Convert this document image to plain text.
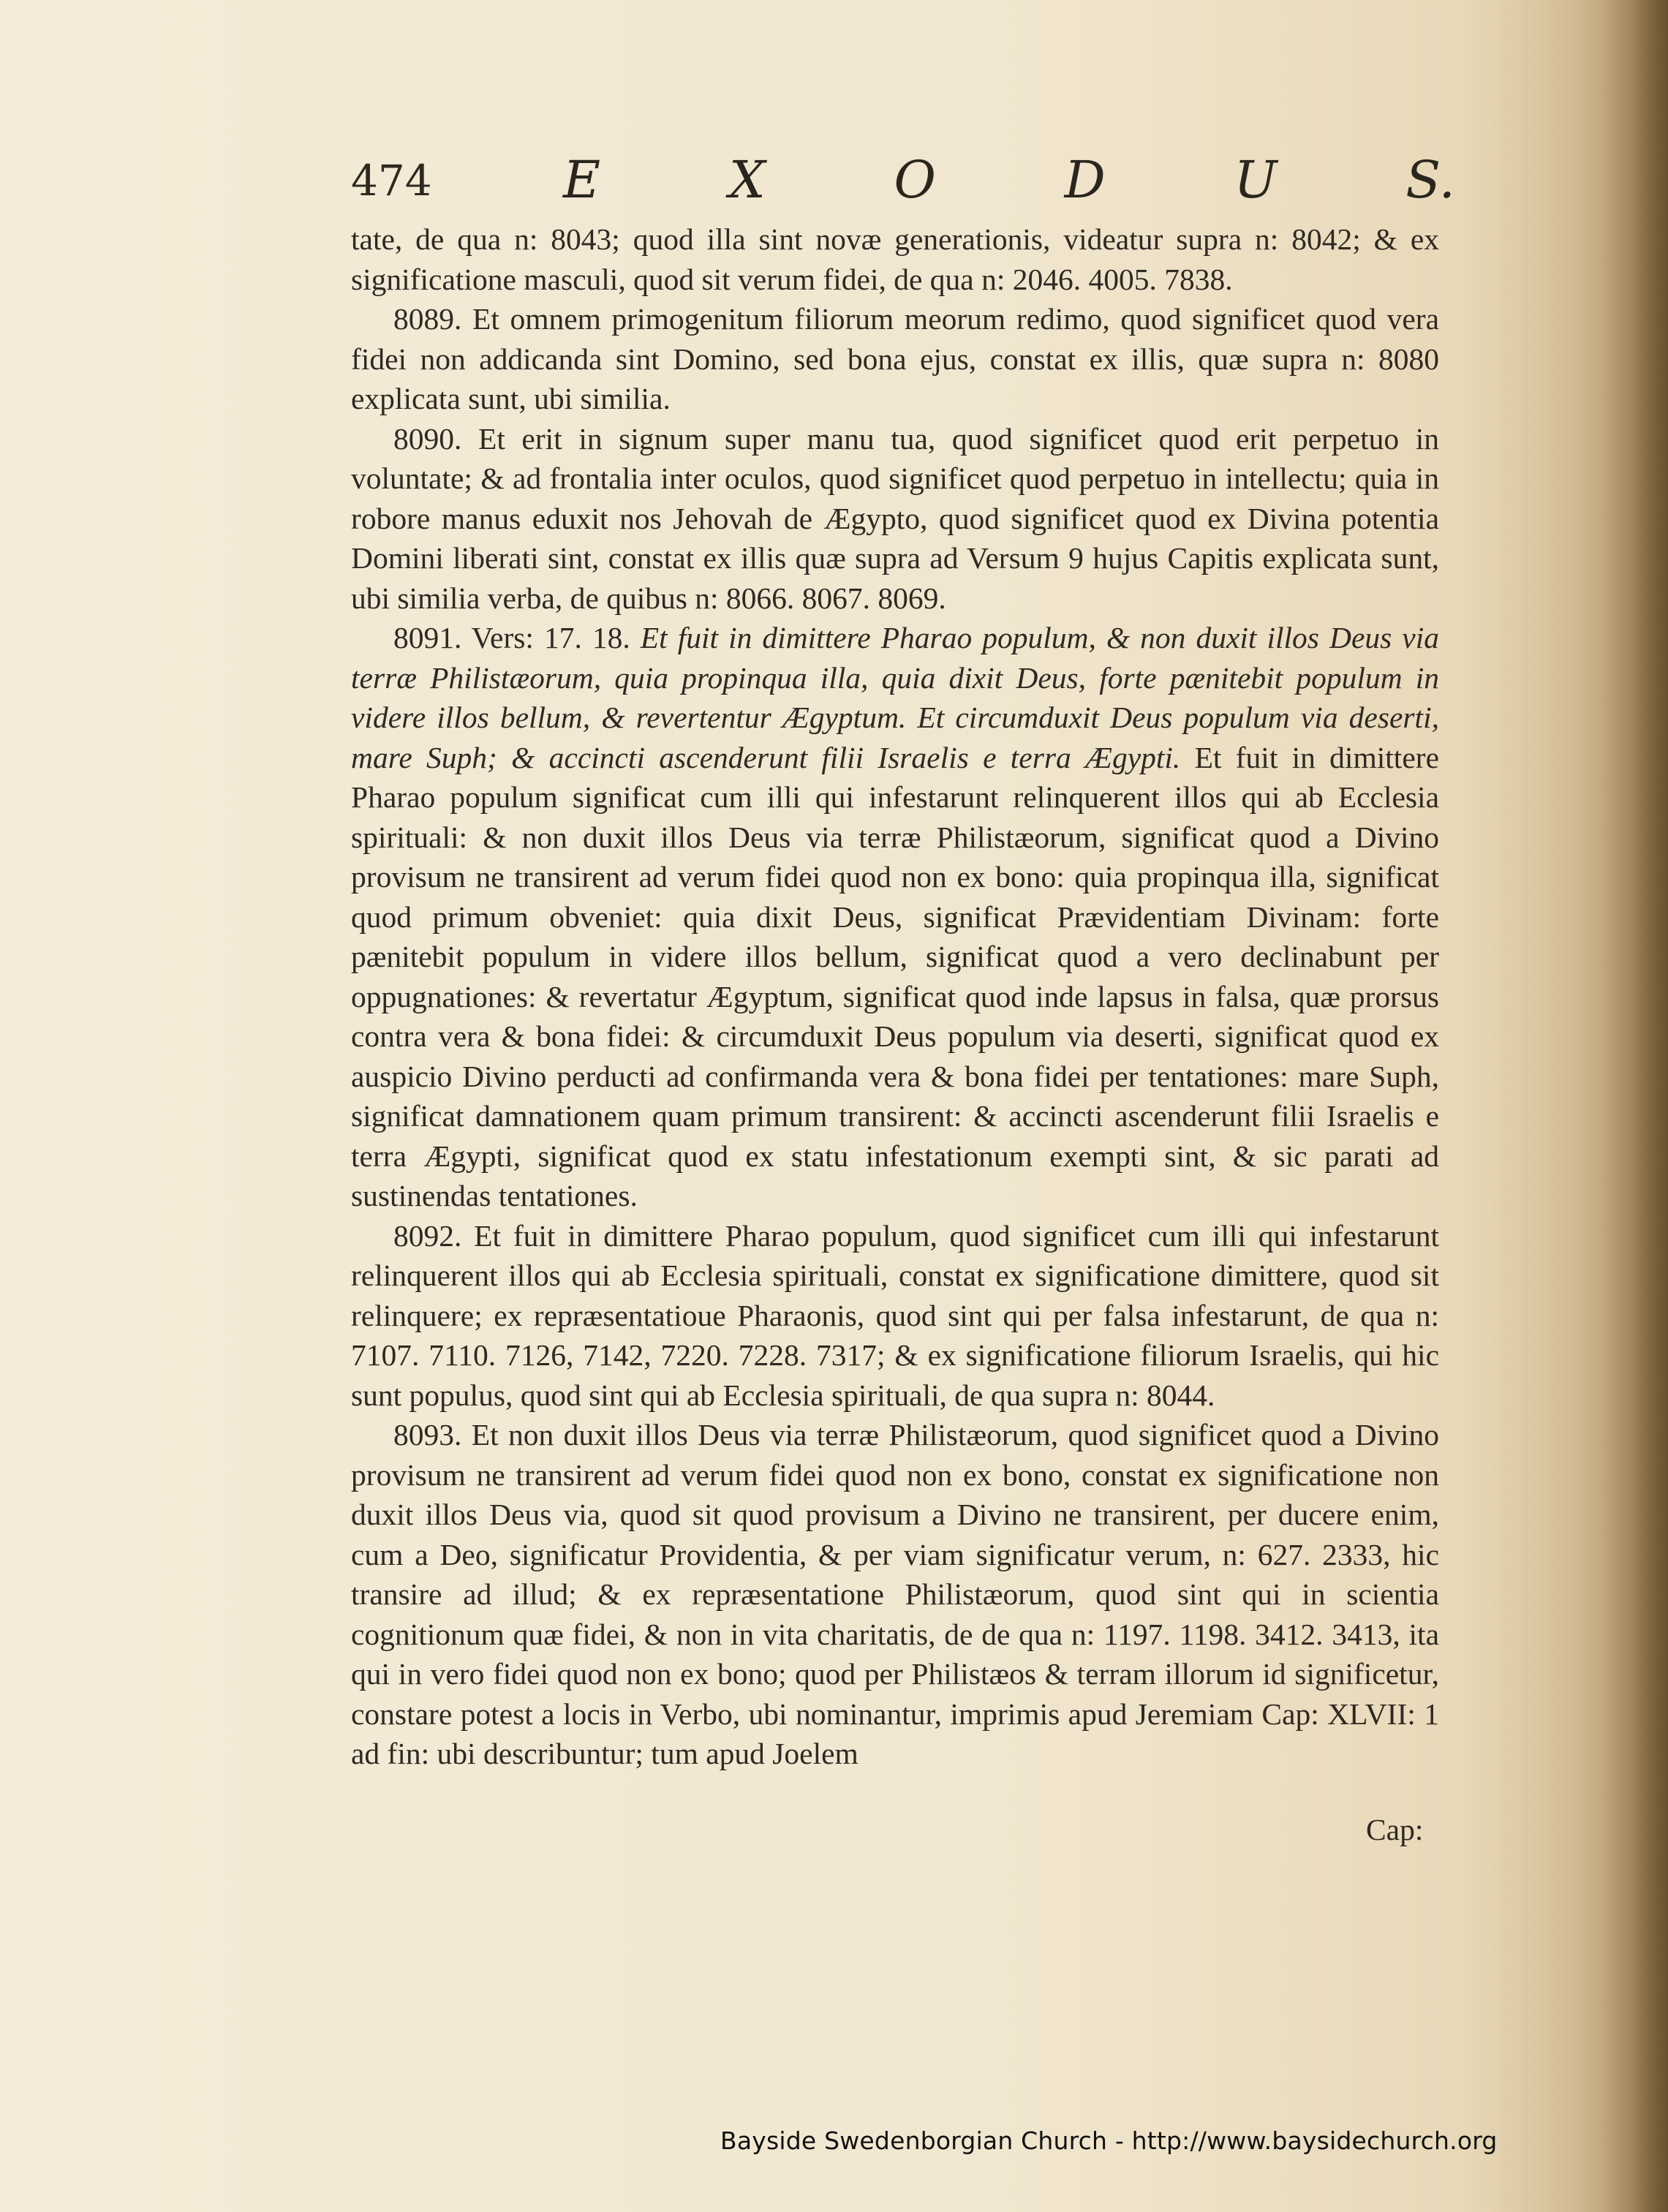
474	E	X	O	D	U	S.

tate, de qua n: 8043; quod illa sint novæ generationis, videatur supra n: 8042; & ex significatione masculi, quod sit verum fidei, de qua n: 2046. 4005. 7838.

8089. Et omnem primogenitum filiorum meorum redimo, quod significet quod vera fidei non addicanda sint Domino, sed bona ejus, constat ex illis, quæ supra n: 8080 explicata sunt, ubi similia.

8090. Et erit in signum super manu tua, quod significet quod erit perpetuo in voluntate; & ad frontalia inter oculos, quod significet quod perpetuo in intellectu; quia in robore manus eduxit nos Jehovah de Ægypto, quod significet quod ex Divina potentia Domini liberati sint, constat ex illis quæ supra ad Versum 9 hujus Capitis explicata sunt, ubi similia verba, de quibus n: 8066. 8067. 8069.

8091. Vers: 17. 18. Et fuit in dimittere Pharao populum, & non duxit illos Deus via terræ Philistæorum, quia propinqua illa, quia dixit Deus, forte pænitebit populum in videre illos bellum, & revertentur Ægyptum. Et circumduxit Deus populum via deserti, mare Suph; & accincti ascenderunt filii Israelis e terra Ægypti. Et fuit in dimittere Pharao populum significat cum illi qui infestarunt relinquerent illos qui ab Ecclesia spirituali: & non duxit illos Deus via terræ Philistæorum, significat quod a Divino provisum ne transirent ad verum fidei quod non ex bono: quia propinqua illa, significat quod primum obveniet: quia dixit Deus, significat Prævidentiam Divinam: forte pænitebit populum in videre illos bellum, significat quod a vero declinabunt per oppugnationes: & revertatur Ægyptum, significat quod inde lapsus in falsa, quæ prorsus contra vera & bona fidei: & circumduxit Deus populum via deserti, significat quod ex auspicio Divino perducti ad confirmanda vera & bona fidei per tentationes: mare Suph, significat damnationem quam primum transirent: & accincti ascenderunt filii Israelis e terra Ægypti, significat quod ex statu infestationum exempti sint, & sic parati ad sustinendas tentationes.

8092. Et fuit in dimittere Pharao populum, quod significet cum illi qui infestarunt relinquerent illos qui ab Ecclesia spirituali, constat ex significatione dimittere, quod sit relinquere; ex repræsentatioue Pharaonis, quod sint qui per falsa infestarunt, de qua n: 7107. 7110. 7126, 7142, 7220. 7228. 7317; & ex significatione filiorum Israelis, qui hic sunt populus, quod sint qui ab Ecclesia spirituali, de qua supra n: 8044.

8093. Et non duxit illos Deus via terræ Philistæorum, quod significet quod a Divino provisum ne transirent ad verum fidei quod non ex bono, constat ex significatione non duxit illos Deus via, quod sit quod provisum a Divino ne transirent, per ducere enim, cum a Deo, significatur Providentia, & per viam significatur verum, n: 627. 2333, hic transire ad illud; & ex repræsentatione Philistæorum, quod sint qui in scientia cognitionum quæ fidei, & non in vita charitatis, de de qua n: 1197. 1198. 3412. 3413, ita qui in vero fidei quod non ex bono; quod per Philistæos & terram illorum id significetur, constare potest a locis in Verbo, ubi nominantur, imprimis apud Jeremiam Cap: XLVII: 1 ad fin: ubi describuntur; tum apud Joelem

Cap:
Bayside Swedenborgian Church - http://www.baysidechurch.org
